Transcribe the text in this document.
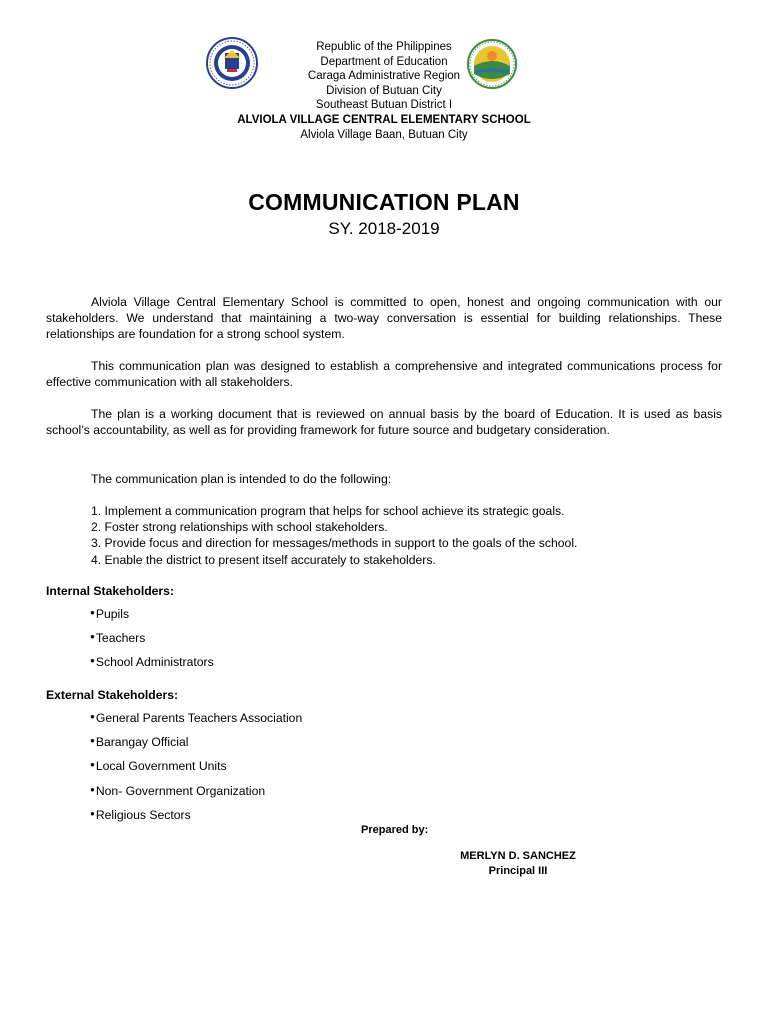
Republic of the Philippines
Department of Education
Caraga Administrative Region
Division of Butuan City
Southeast Butuan District I
ALVIOLA VILLAGE CENTRAL ELEMENTARY SCHOOL
Alviola Village Baan, Butuan City
COMMUNICATION PLAN
SY. 2018-2019

Alviola Village Central Elementary School is committed to open, honest and ongoing communication with our stakeholders. We understand that maintaining a two-way conversation is essential for building relationships. These relationships are foundation for a strong school system.

This communication plan was designed to establish a comprehensive and integrated communications process for effective communication with all stakeholders.

The plan is a working document that is reviewed on annual basis by the board of Education. It is used as basis school’s accountability, as well as for providing framework for future source and budgetary consideration.

The communication plan is intended to do the following:

1. Implement a communication program that helps for school achieve its strategic goals.
2. Foster strong relationships with school stakeholders.
3. Provide focus and direction for messages/methods in support to the goals of the school.
4. Enable the district to present itself accurately to stakeholders.
Internal Stakeholders:
●Pupils
●Teachers
●School Administrators
External Stakeholders:
●General Parents Teachers Association
●Barangay Official
●Local Government Units
●Non- Government Organization
●Religious Sectors
Prepared by:
MERLYN D. SANCHEZ
Principal III
